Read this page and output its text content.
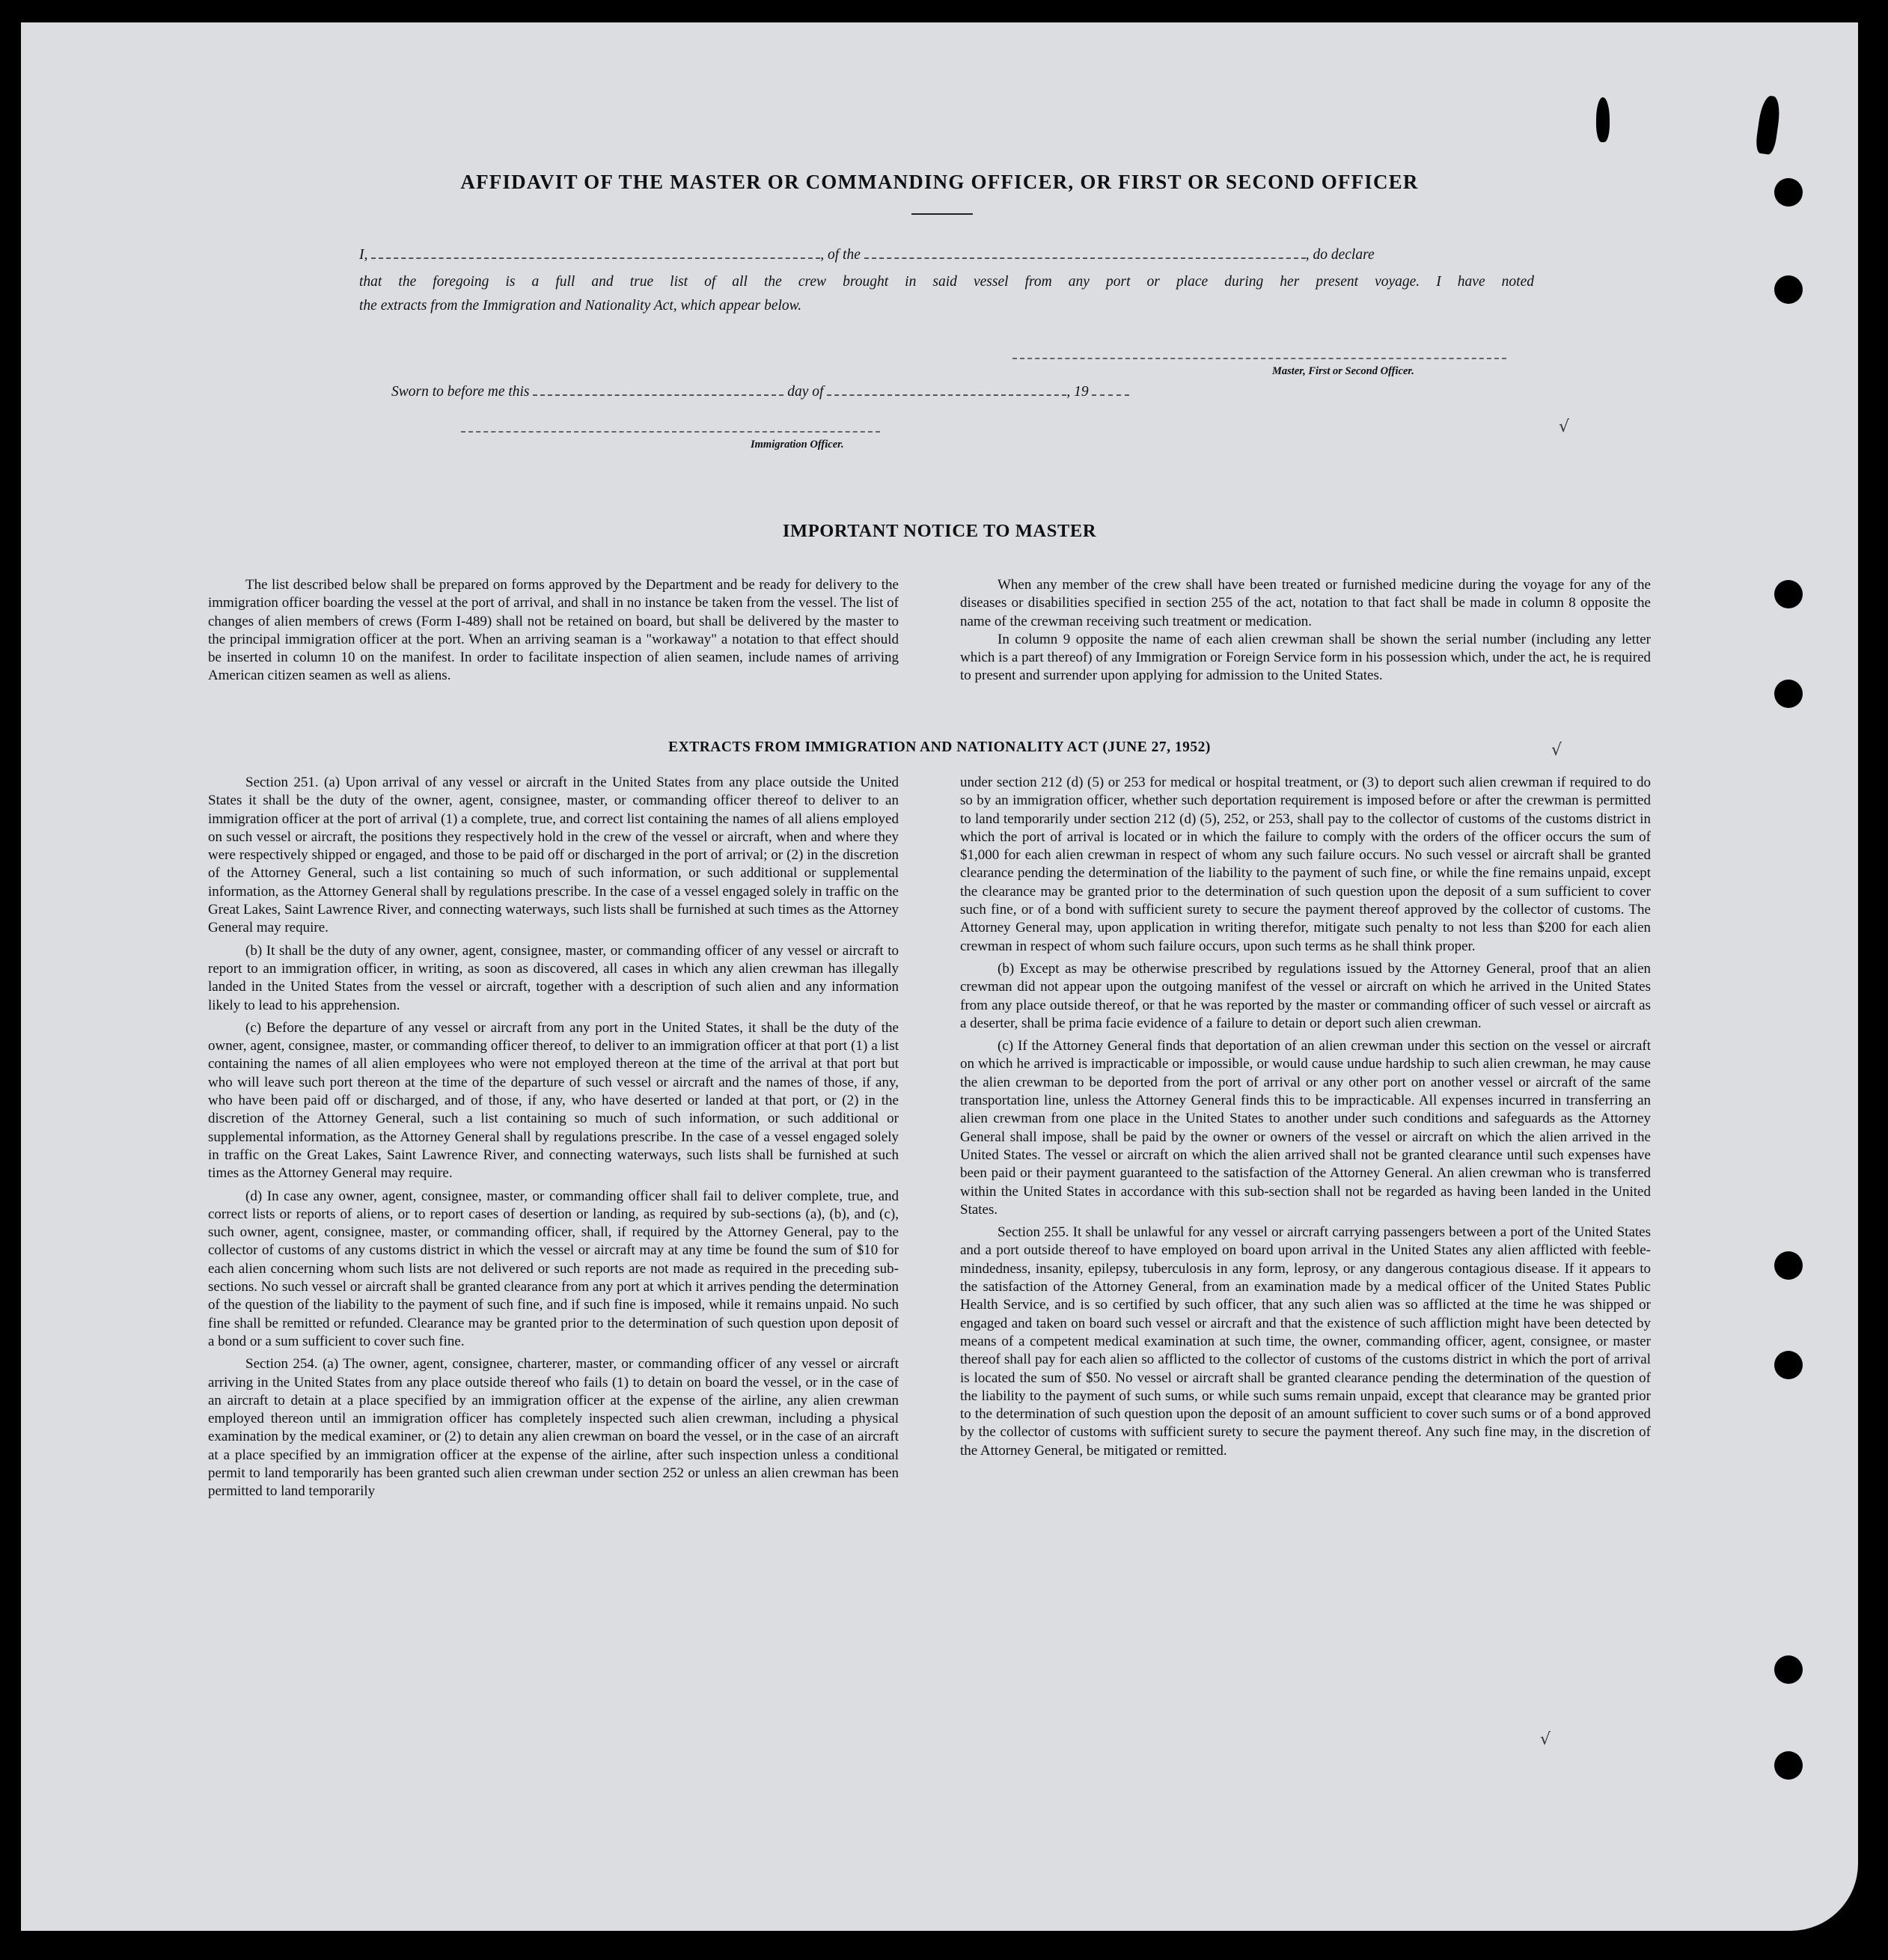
AFFIDAVIT OF THE MASTER OR COMMANDING OFFICER, OR FIRST OR SECOND OFFICER
I,	, of the	, do declare
that the foregoing is a full and true list of all the crew brought in said vessel from any port or place during her present voyage. I have noted
the extracts from the Immigration and Nationality Act, which appear below.
Master, First or Second Officer.
Sworn to before me this	day of	, 19
Immigration Officer.
IMPORTANT NOTICE TO MASTER

The list described below shall be prepared on forms approved by the Department and be ready for delivery to the immigration officer boarding the vessel at the port of arrival, and shall in no instance be taken from the vessel. The list of changes of alien members of crews (Form I-489) shall not be retained on board, but shall be delivered by the master to the principal immigration officer at the port. When an arriving seaman is a "workaway" a notation to that effect should be inserted in column 10 on the manifest. In order to facilitate inspection of alien seamen, include names of arriving American citizen seamen as well as aliens.

When any member of the crew shall have been treated or furnished medicine during the voyage for any of the diseases or disabilities specified in section 255 of the act, notation to that fact shall be made in column 8 opposite the name of the crewman receiving such treatment or medication.

In column 9 opposite the name of each alien crewman shall be shown the serial number (including any letter which is a part thereof) of any Immigration or Foreign Service form in his possession which, under the act, he is required to present and surrender upon applying for admission to the United States.

EXTRACTS FROM IMMIGRATION AND NATIONALITY ACT (JUNE 27, 1952)

Section 251. (a) Upon arrival of any vessel or aircraft in the United States from any place outside the United States it shall be the duty of the owner, agent, consignee, master, or commanding officer thereof to deliver to an immigration officer at the port of arrival (1) a complete, true, and correct list containing the names of all aliens employed on such vessel or aircraft, the positions they respectively hold in the crew of the vessel or aircraft, when and where they were respectively shipped or engaged, and those to be paid off or discharged in the port of arrival; or (2) in the discretion of the Attorney General, such a list containing so much of such information, or such additional or supplemental information, as the Attorney General shall by regulations prescribe. In the case of a vessel engaged solely in traffic on the Great Lakes, Saint Lawrence River, and connecting waterways, such lists shall be furnished at such times as the Attorney General may require.

(b) It shall be the duty of any owner, agent, consignee, master, or commanding officer of any vessel or aircraft to report to an immigration officer, in writing, as soon as discovered, all cases in which any alien crewman has illegally landed in the United States from the vessel or aircraft, together with a description of such alien and any information likely to lead to his apprehension.

(c) Before the departure of any vessel or aircraft from any port in the United States, it shall be the duty of the owner, agent, consignee, master, or commanding officer thereof, to deliver to an immigration officer at that port (1) a list containing the names of all alien employees who were not employed thereon at the time of the arrival at that port but who will leave such port thereon at the time of the departure of such vessel or aircraft and the names of those, if any, who have been paid off or discharged, and of those, if any, who have deserted or landed at that port, or (2) in the discretion of the Attorney General, such a list containing so much of such information, or such additional or supplemental information, as the Attorney General shall by regulations prescribe. In the case of a vessel engaged solely in traffic on the Great Lakes, Saint Lawrence River, and connecting waterways, such lists shall be furnished at such times as the Attorney General may require.

(d) In case any owner, agent, consignee, master, or commanding officer shall fail to deliver complete, true, and correct lists or reports of aliens, or to report cases of desertion or landing, as required by sub-sections (a), (b), and (c), such owner, agent, consignee, master, or commanding officer, shall, if required by the Attorney General, pay to the collector of customs of any customs district in which the vessel or aircraft may at any time be found the sum of $10 for each alien concerning whom such lists are not delivered or such reports are not made as required in the preceding sub-sections. No such vessel or aircraft shall be granted clearance from any port at which it arrives pending the determination of the question of the liability to the payment of such fine, and if such fine is imposed, while it remains unpaid. No such fine shall be remitted or refunded. Clearance may be granted prior to the determination of such question upon deposit of a bond or a sum sufficient to cover such fine.

Section 254. (a) The owner, agent, consignee, charterer, master, or commanding officer of any vessel or aircraft arriving in the United States from any place outside thereof who fails (1) to detain on board the vessel, or in the case of an aircraft to detain at a place specified by an immigration officer at the expense of the airline, any alien crewman employed thereon until an immigration officer has completely inspected such alien crewman, including a physical examination by the medical examiner, or (2) to detain any alien crewman on board the vessel, or in the case of an aircraft at a place specified by an immigration officer at the expense of the airline, after such inspection unless a conditional permit to land temporarily has been granted such alien crewman under section 252 or unless an alien crewman has been permitted to land temporarily

under section 212 (d) (5) or 253 for medical or hospital treatment, or (3) to deport such alien crewman if required to do so by an immigration officer, whether such deportation requirement is imposed before or after the crewman is permitted to land temporarily under section 212 (d) (5), 252, or 253, shall pay to the collector of customs of the customs district in which the port of arrival is located or in which the failure to comply with the orders of the officer occurs the sum of $1,000 for each alien crewman in respect of whom any such failure occurs. No such vessel or aircraft shall be granted clearance pending the determination of the liability to the payment of such fine, or while the fine remains unpaid, except the clearance may be granted prior to the determination of such question upon the deposit of a sum sufficient to cover such fine, or of a bond with sufficient surety to secure the payment thereof approved by the collector of customs. The Attorney General may, upon application in writing therefor, mitigate such penalty to not less than $200 for each alien crewman in respect of whom such failure occurs, upon such terms as he shall think proper.

(b) Except as may be otherwise prescribed by regulations issued by the Attorney General, proof that an alien crewman did not appear upon the outgoing manifest of the vessel or aircraft on which he arrived in the United States from any place outside thereof, or that he was reported by the master or commanding officer of such vessel or aircraft as a deserter, shall be prima facie evidence of a failure to detain or deport such alien crewman.

(c) If the Attorney General finds that deportation of an alien crewman under this section on the vessel or aircraft on which he arrived is impracticable or impossible, or would cause undue hardship to such alien crewman, he may cause the alien crewman to be deported from the port of arrival or any other port on another vessel or aircraft of the same transportation line, unless the Attorney General finds this to be impracticable. All expenses incurred in transferring an alien crewman from one place in the United States to another under such conditions and safeguards as the Attorney General shall impose, shall be paid by the owner or owners of the vessel or aircraft on which the alien arrived in the United States. The vessel or aircraft on which the alien arrived shall not be granted clearance until such expenses have been paid or their payment guaranteed to the satisfaction of the Attorney General. An alien crewman who is transferred within the United States in accordance with this sub-section shall not be regarded as having been landed in the United States.

Section 255. It shall be unlawful for any vessel or aircraft carrying passengers between a port of the United States and a port outside thereof to have employed on board upon arrival in the United States any alien afflicted with feeble-mindedness, insanity, epilepsy, tuberculosis in any form, leprosy, or any dangerous contagious disease. If it appears to the satisfaction of the Attorney General, from an examination made by a medical officer of the United States Public Health Service, and is so certified by such officer, that any such alien was so afflicted at the time he was shipped or engaged and taken on board such vessel or aircraft and that the existence of such affliction might have been detected by means of a competent medical examination at such time, the owner, commanding officer, agent, consignee, or master thereof shall pay for each alien so afflicted to the collector of customs of the customs district in which the port of arrival is located the sum of $50. No vessel or aircraft shall be granted clearance pending the determination of the question of the liability to the payment of such sums, or while such sums remain unpaid, except that clearance may be granted prior to the determination of such question upon the deposit of an amount sufficient to cover such sums or of a bond approved by the collector of customs with sufficient surety to secure the payment thereof. Any such fine may, in the discretion of the Attorney General, be mitigated or remitted.

√
√
√
